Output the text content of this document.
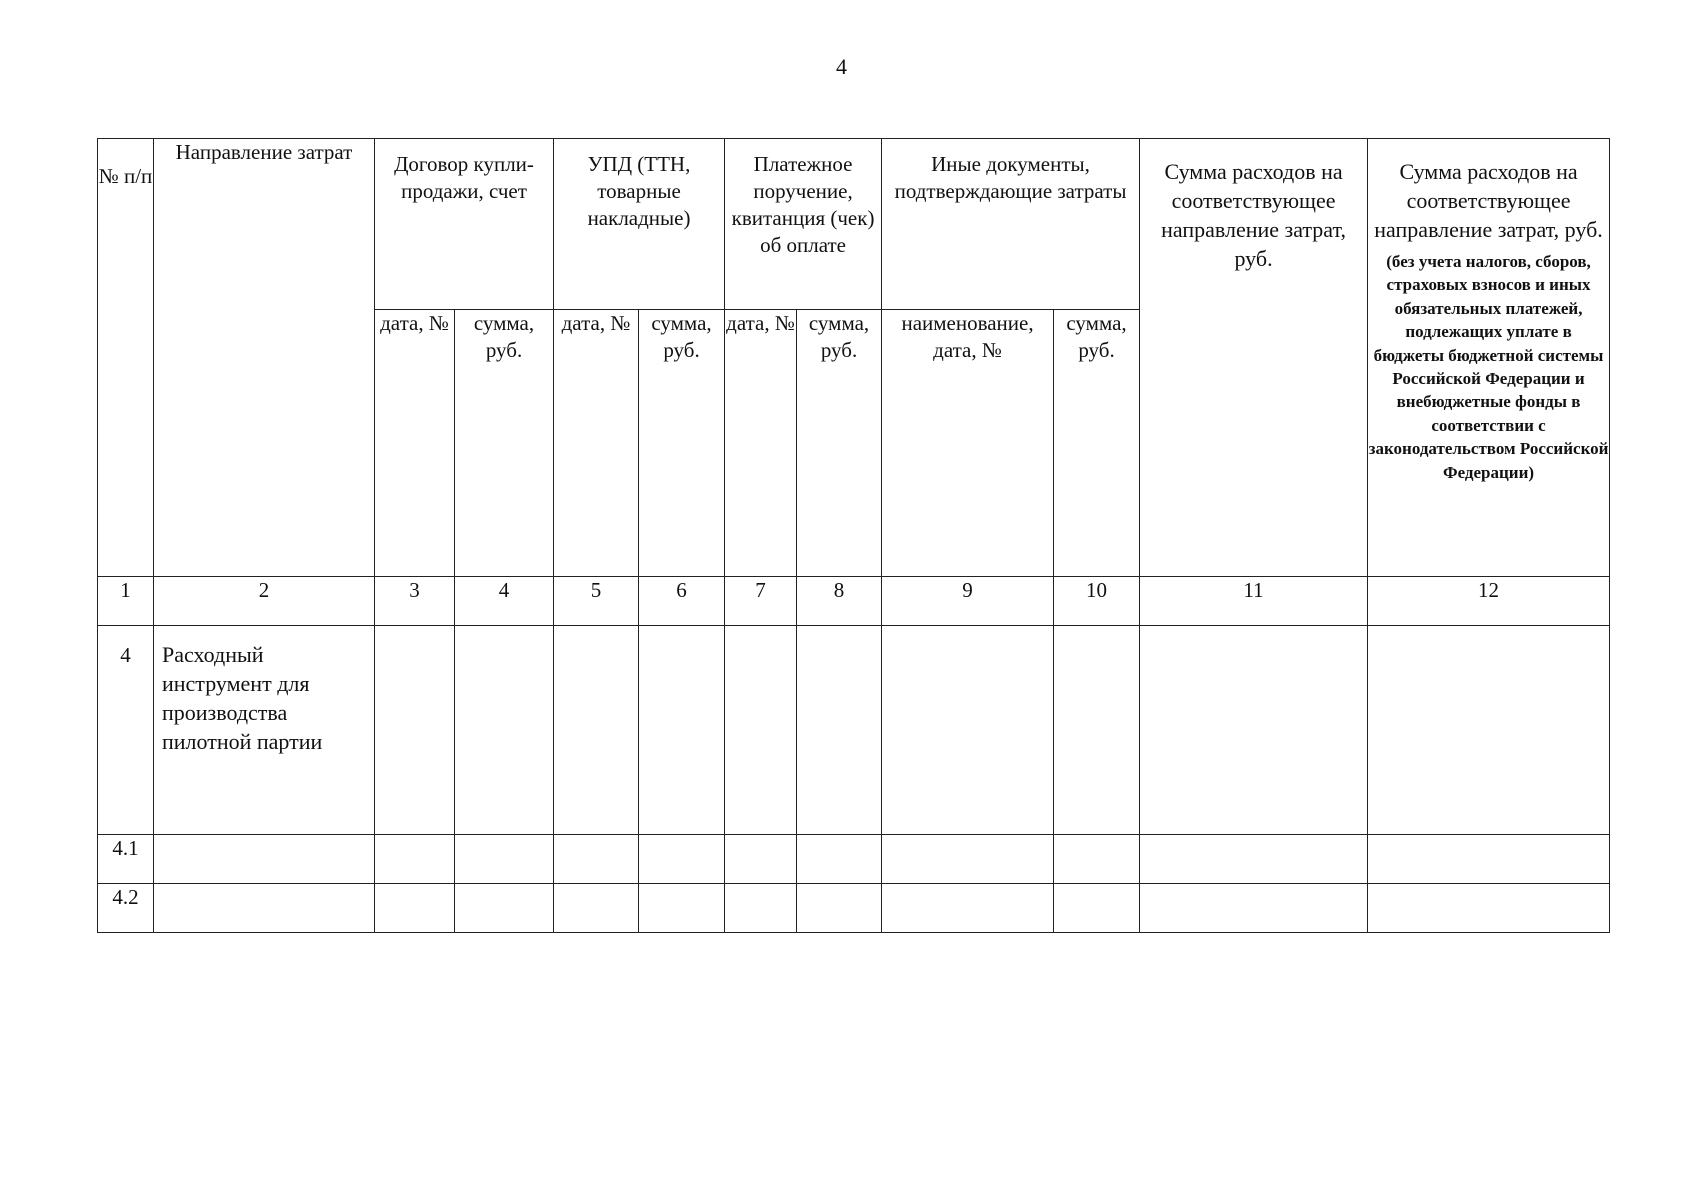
4
№ п/п	Направление затрат	Договор купли-продажи, счет		УПД (ТТН, товарные накладные)		Платежное поручение, квитанция (чек) об оплате		Иные документы, подтверждающие затраты		Сумма расходов на соответствующее направление затрат, руб.	Сумма расходов на соответствующее направление затрат, руб.
(без учета налогов, сборов, страховых взносов и иных обязательных платежей, подлежащих уплате в бюджеты бюджетной системы Российской Федерации и внебюджетные фонды в соответствии с законодательством Российской Федерации)

		дата, №	сумма, руб.	дата, №	сумма, руб.	дата, №	сумма, руб.	наименование, дата, №	сумма, руб.		
1	2	3	4	5	6	7	8	9	10	11	12
4	Расходный инструмент для производства пилотной партии										
4.1											
4.2											
